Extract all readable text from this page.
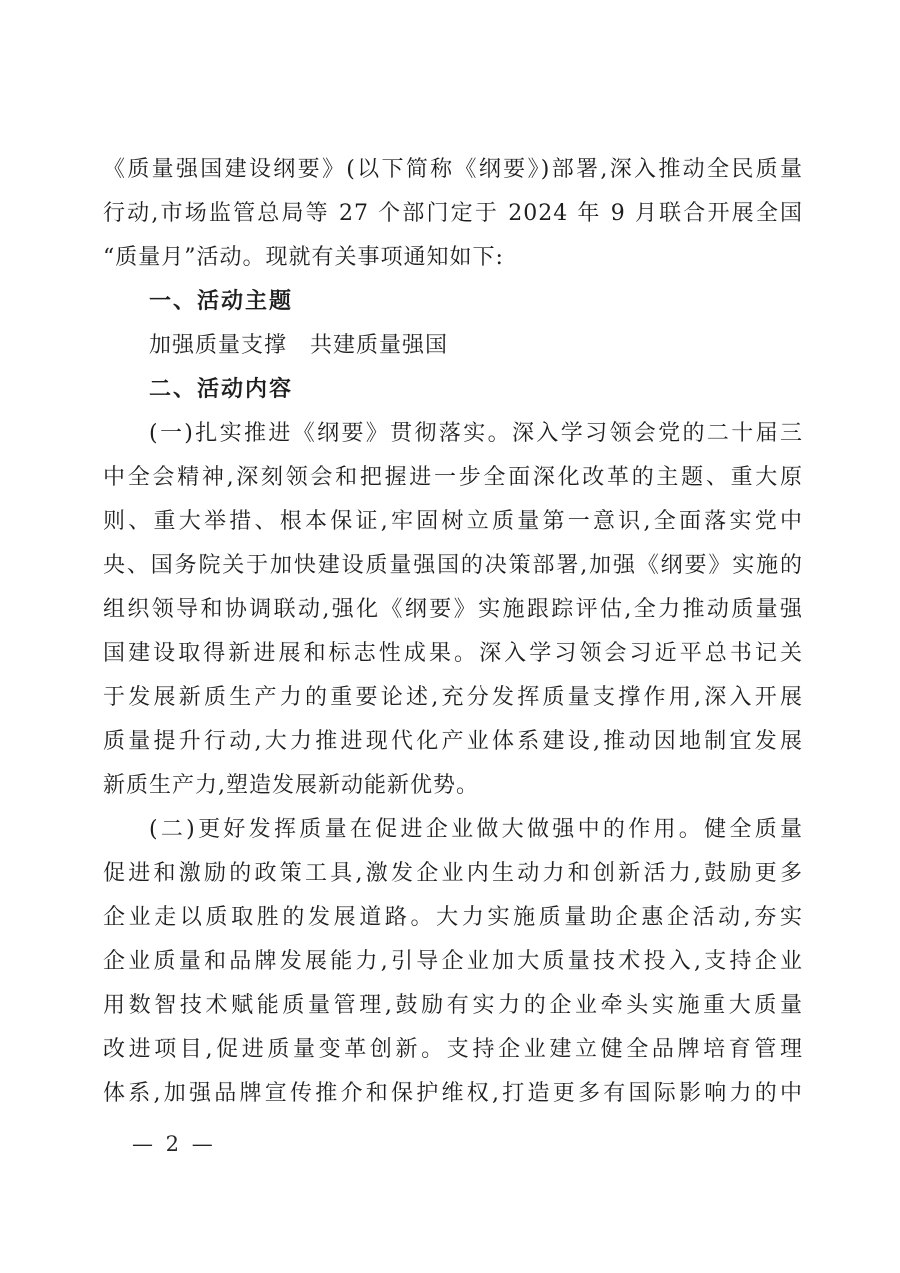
《质量强国建设纲要》(以下简称《纲要》)部署,深入推动全民质量
行动,市场监管总局等 27 个部门定于 2024 年 9 月联合开展全国
“质量月”活动。现就有关事项通知如下:
一、活动主题
加强质量支撑　共建质量强国
二、活动内容
(一)扎实推进《纲要》贯彻落实。深入学习领会党的二十届三
中全会精神,深刻领会和把握进一步全面深化改革的主题、重大原
则、重大举措、根本保证,牢固树立质量第一意识,全面落实党中
央、国务院关于加快建设质量强国的决策部署,加强《纲要》实施的
组织领导和协调联动,强化《纲要》实施跟踪评估,全力推动质量强
国建设取得新进展和标志性成果。深入学习领会习近平总书记关
于发展新质生产力的重要论述,充分发挥质量支撑作用,深入开展
质量提升行动,大力推进现代化产业体系建设,推动因地制宜发展
新质生产力,塑造发展新动能新优势。
(二)更好发挥质量在促进企业做大做强中的作用。健全质量
促进和激励的政策工具,激发企业内生动力和创新活力,鼓励更多
企业走以质取胜的发展道路。大力实施质量助企惠企活动,夯实
企业质量和品牌发展能力,引导企业加大质量技术投入,支持企业
用数智技术赋能质量管理,鼓励有实力的企业牵头实施重大质量
改进项目,促进质量变革创新。支持企业建立健全品牌培育管理
体系,加强品牌宣传推介和保护维权,打造更多有国际影响力的中
— 2 —
